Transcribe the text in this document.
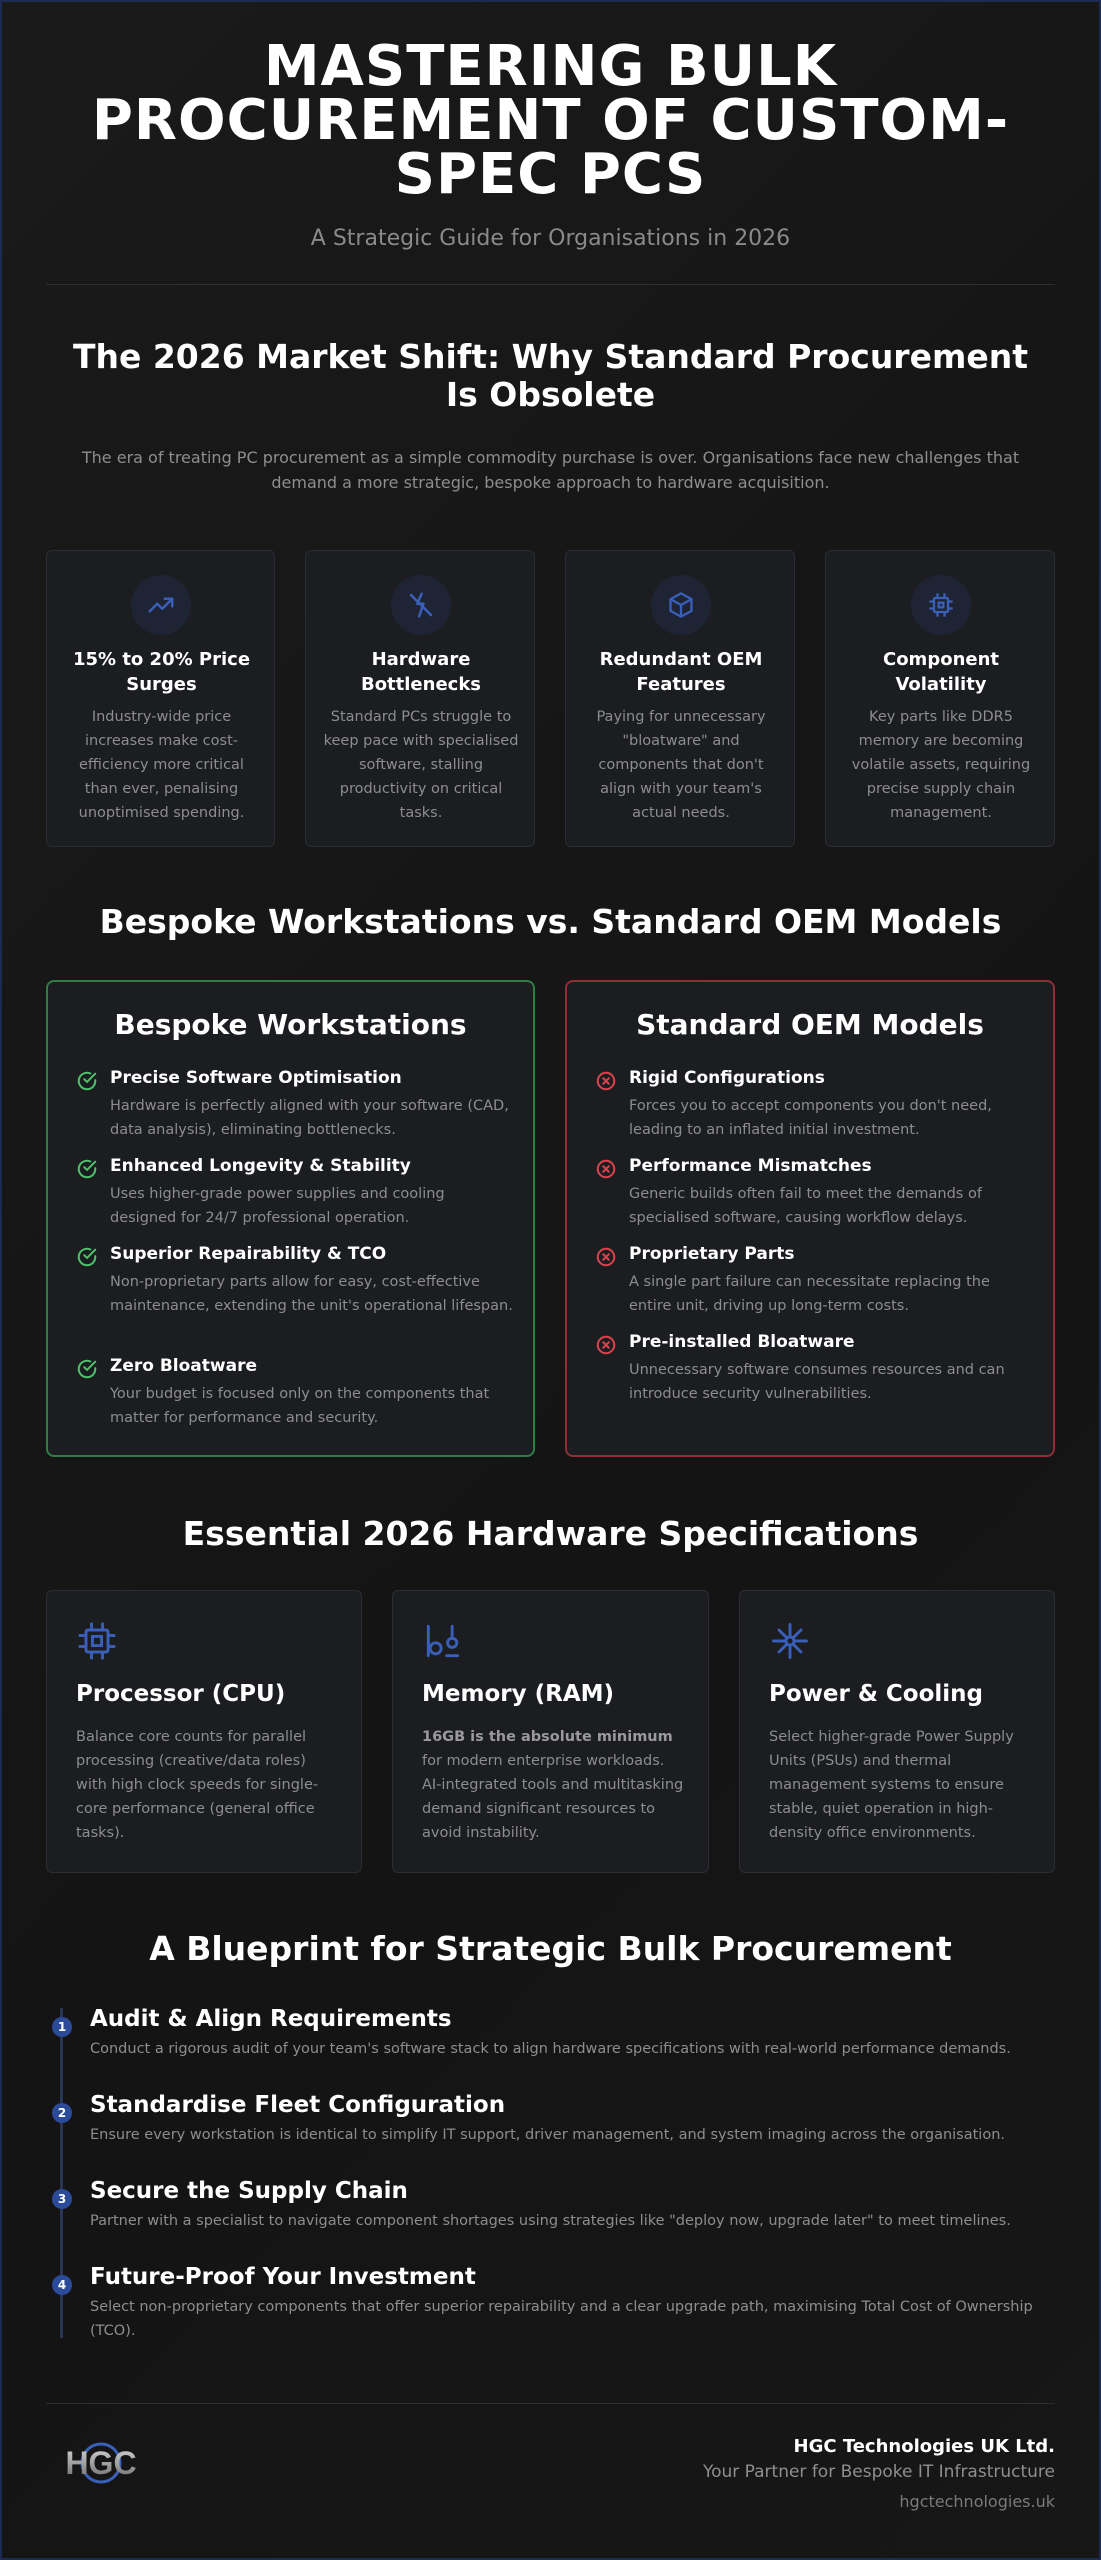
MASTERING BULK PROCUREMENT OF CUSTOM-SPEC PCS
A Strategic Guide for Organisations in 2026
The 2026 Market Shift: Why Standard Procurement Is Obsolete

The era of treating PC procurement as a simple commodity purchase is over. Organisations face new challenges that demand a more strategic, bespoke approach to hardware acquisition.

15% to 20% Price Surges
Industry-wide price increases make cost-efficiency more critical than ever, penalising unoptimised spending.
Hardware Bottlenecks
Standard PCs struggle to keep pace with specialised software, stalling productivity on critical tasks.
Redundant OEM Features
Paying for unnecessary "bloatware" and components that don't align with your team's actual needs.
Component Volatility
Key parts like DDR5 memory are becoming volatile assets, requiring precise supply chain management.
Bespoke Workstations vs. Standard OEM Models
Bespoke Workstations
Precise Software Optimisation
Hardware is perfectly aligned with your software (CAD, data analysis), eliminating bottlenecks.
Enhanced Longevity & Stability
Uses higher-grade power supplies and cooling designed for 24/7 professional operation.
Superior Repairability & TCO
Non-proprietary parts allow for easy, cost-effective maintenance, extending the unit's operational lifespan.
Zero Bloatware
Your budget is focused only on the components that matter for performance and security.
Standard OEM Models
Rigid Configurations
Forces you to accept components you don't need, leading to an inflated initial investment.
Performance Mismatches
Generic builds often fail to meet the demands of specialised software, causing workflow delays.
Proprietary Parts
A single part failure can necessitate replacing the entire unit, driving up long-term costs.
Pre-installed Bloatware
Unnecessary software consumes resources and can introduce security vulnerabilities.
Essential 2026 Hardware Specifications
Processor (CPU)
Balance core counts for parallel processing (creative/data roles) with high clock speeds for single-core performance (general office tasks).
Memory (RAM)
16GB is the absolute minimum for modern enterprise workloads. AI-integrated tools and multitasking demand significant resources to avoid instability.
Power & Cooling
Select higher-grade Power Supply Units (PSUs) and thermal management systems to ensure stable, quiet operation in high-density office environments.
A Blueprint for Strategic Bulk Procurement
1 Audit & Align Requirements
Conduct a rigorous audit of your team's software stack to align hardware specifications with real-world performance demands.
2 Standardise Fleet Configuration
Ensure every workstation is identical to simplify IT support, driver management, and system imaging across the organisation.
3 Secure the Supply Chain
Partner with a specialist to navigate component shortages using strategies like "deploy now, upgrade later" to meet timelines.
4 Future-Proof Your Investment
Select non-proprietary components that offer superior repairability and a clear upgrade path, maximising Total Cost of Ownership (TCO).
HGC	HGC Technologies UK Ltd.
Your Partner for Bespoke IT Infrastructure
hgctechnologies.uk
